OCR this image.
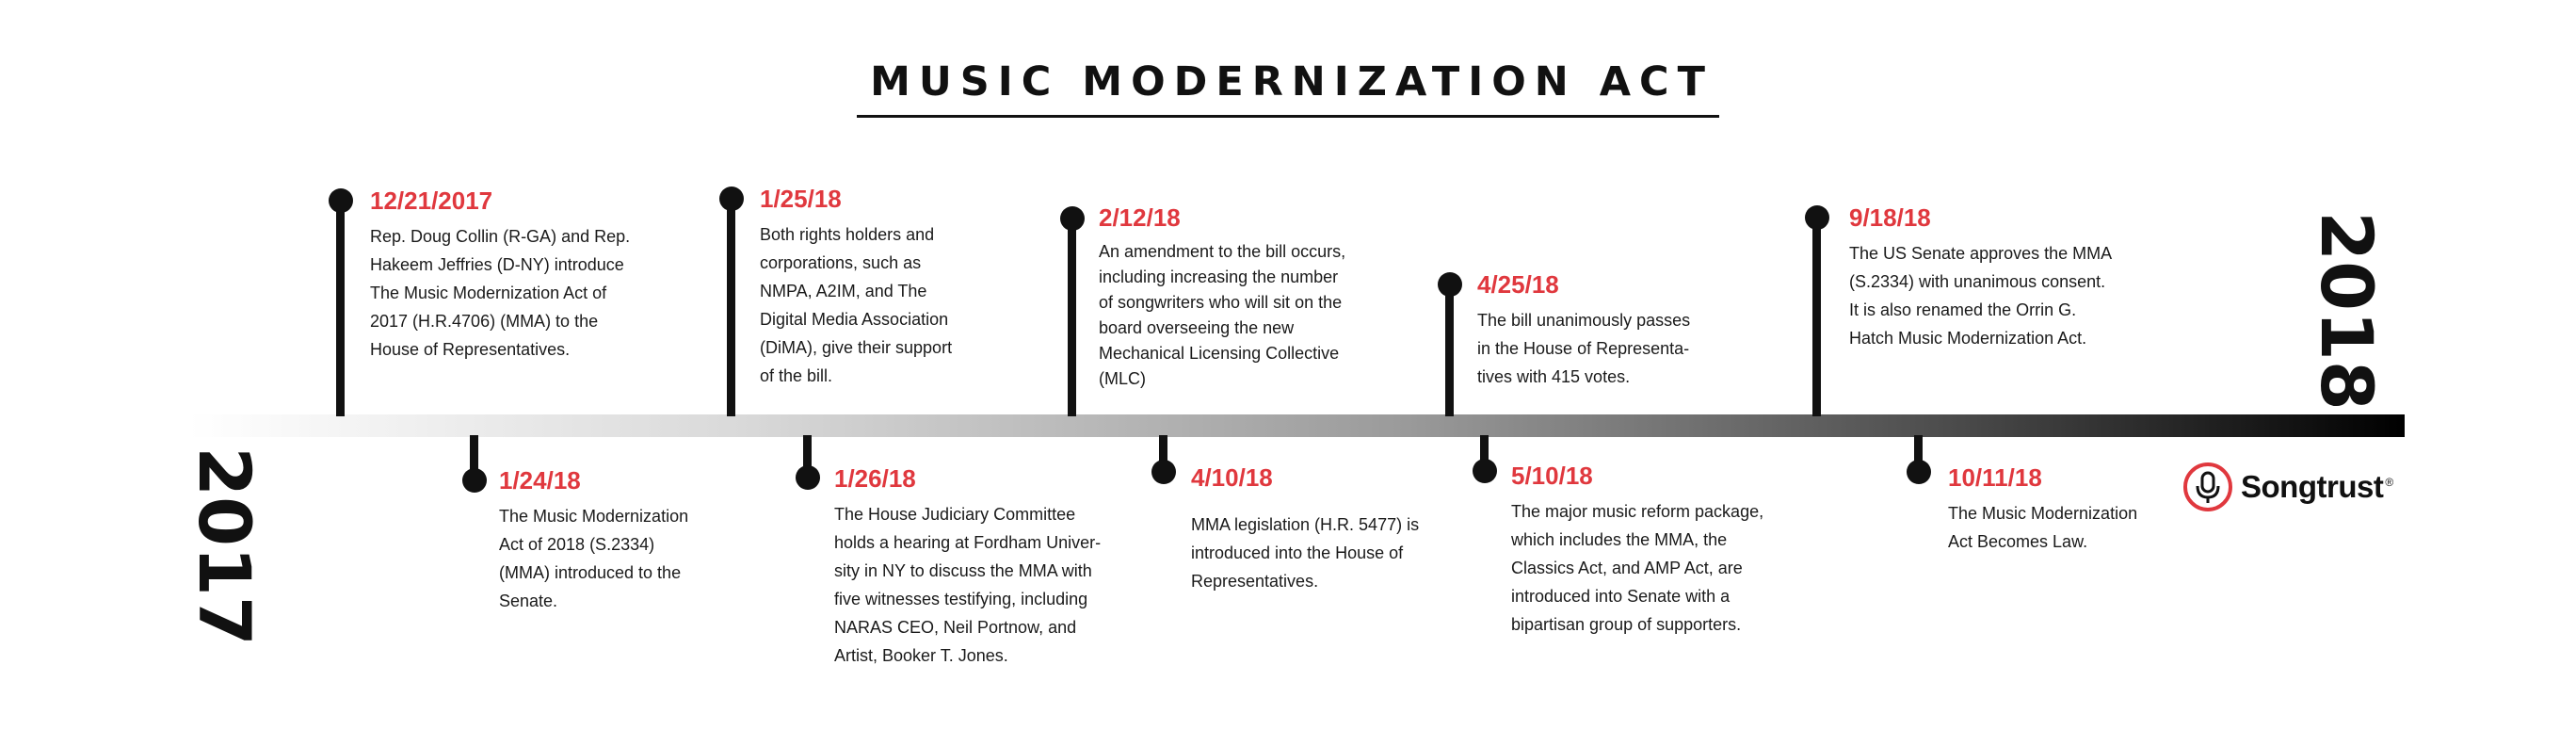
MUSIC MODERNIZATION ACT
2017
2018
12/21/2017
Rep. Doug Collin (R-GA) and Rep.
Hakeem Jeffries (D-NY) introduce
The Music Modernization Act of
2017 (H.R.4706) (MMA) to the
House of Representatives.
1/24/18
The Music Modernization
Act of 2018 (S.2334)
(MMA) introduced to the
Senate.
1/25/18
Both rights holders and
corporations, such as
NMPA, A2IM, and The
Digital Media Association
(DiMA), give their support
of the bill.
1/26/18
The House Judiciary Committee
holds a hearing at Fordham Univer-
sity in NY to discuss the MMA with
five witnesses testifying, including
NARAS CEO, Neil Portnow, and
Artist, Booker T. Jones.
2/12/18
An amendment to the bill occurs,
including increasing the number
of songwriters who will sit on the
board overseeing the new
Mechanical Licensing Collective
(MLC)
4/10/18
MMA legislation (H.R. 5477) is
introduced into the House of
Representatives.
4/25/18
The bill unanimously passes
in the House of Representa-
tives with 415 votes.
5/10/18
The major music reform package,
which includes the MMA, the
Classics Act, and AMP Act, are
introduced into Senate with a
bipartisan group of supporters.
9/18/18
The US Senate approves the MMA
(S.2334) with unanimous consent.
It is also renamed the Orrin G.
Hatch Music Modernization Act.
10/11/18
The Music Modernization
Act Becomes Law.
Songtrust ®
